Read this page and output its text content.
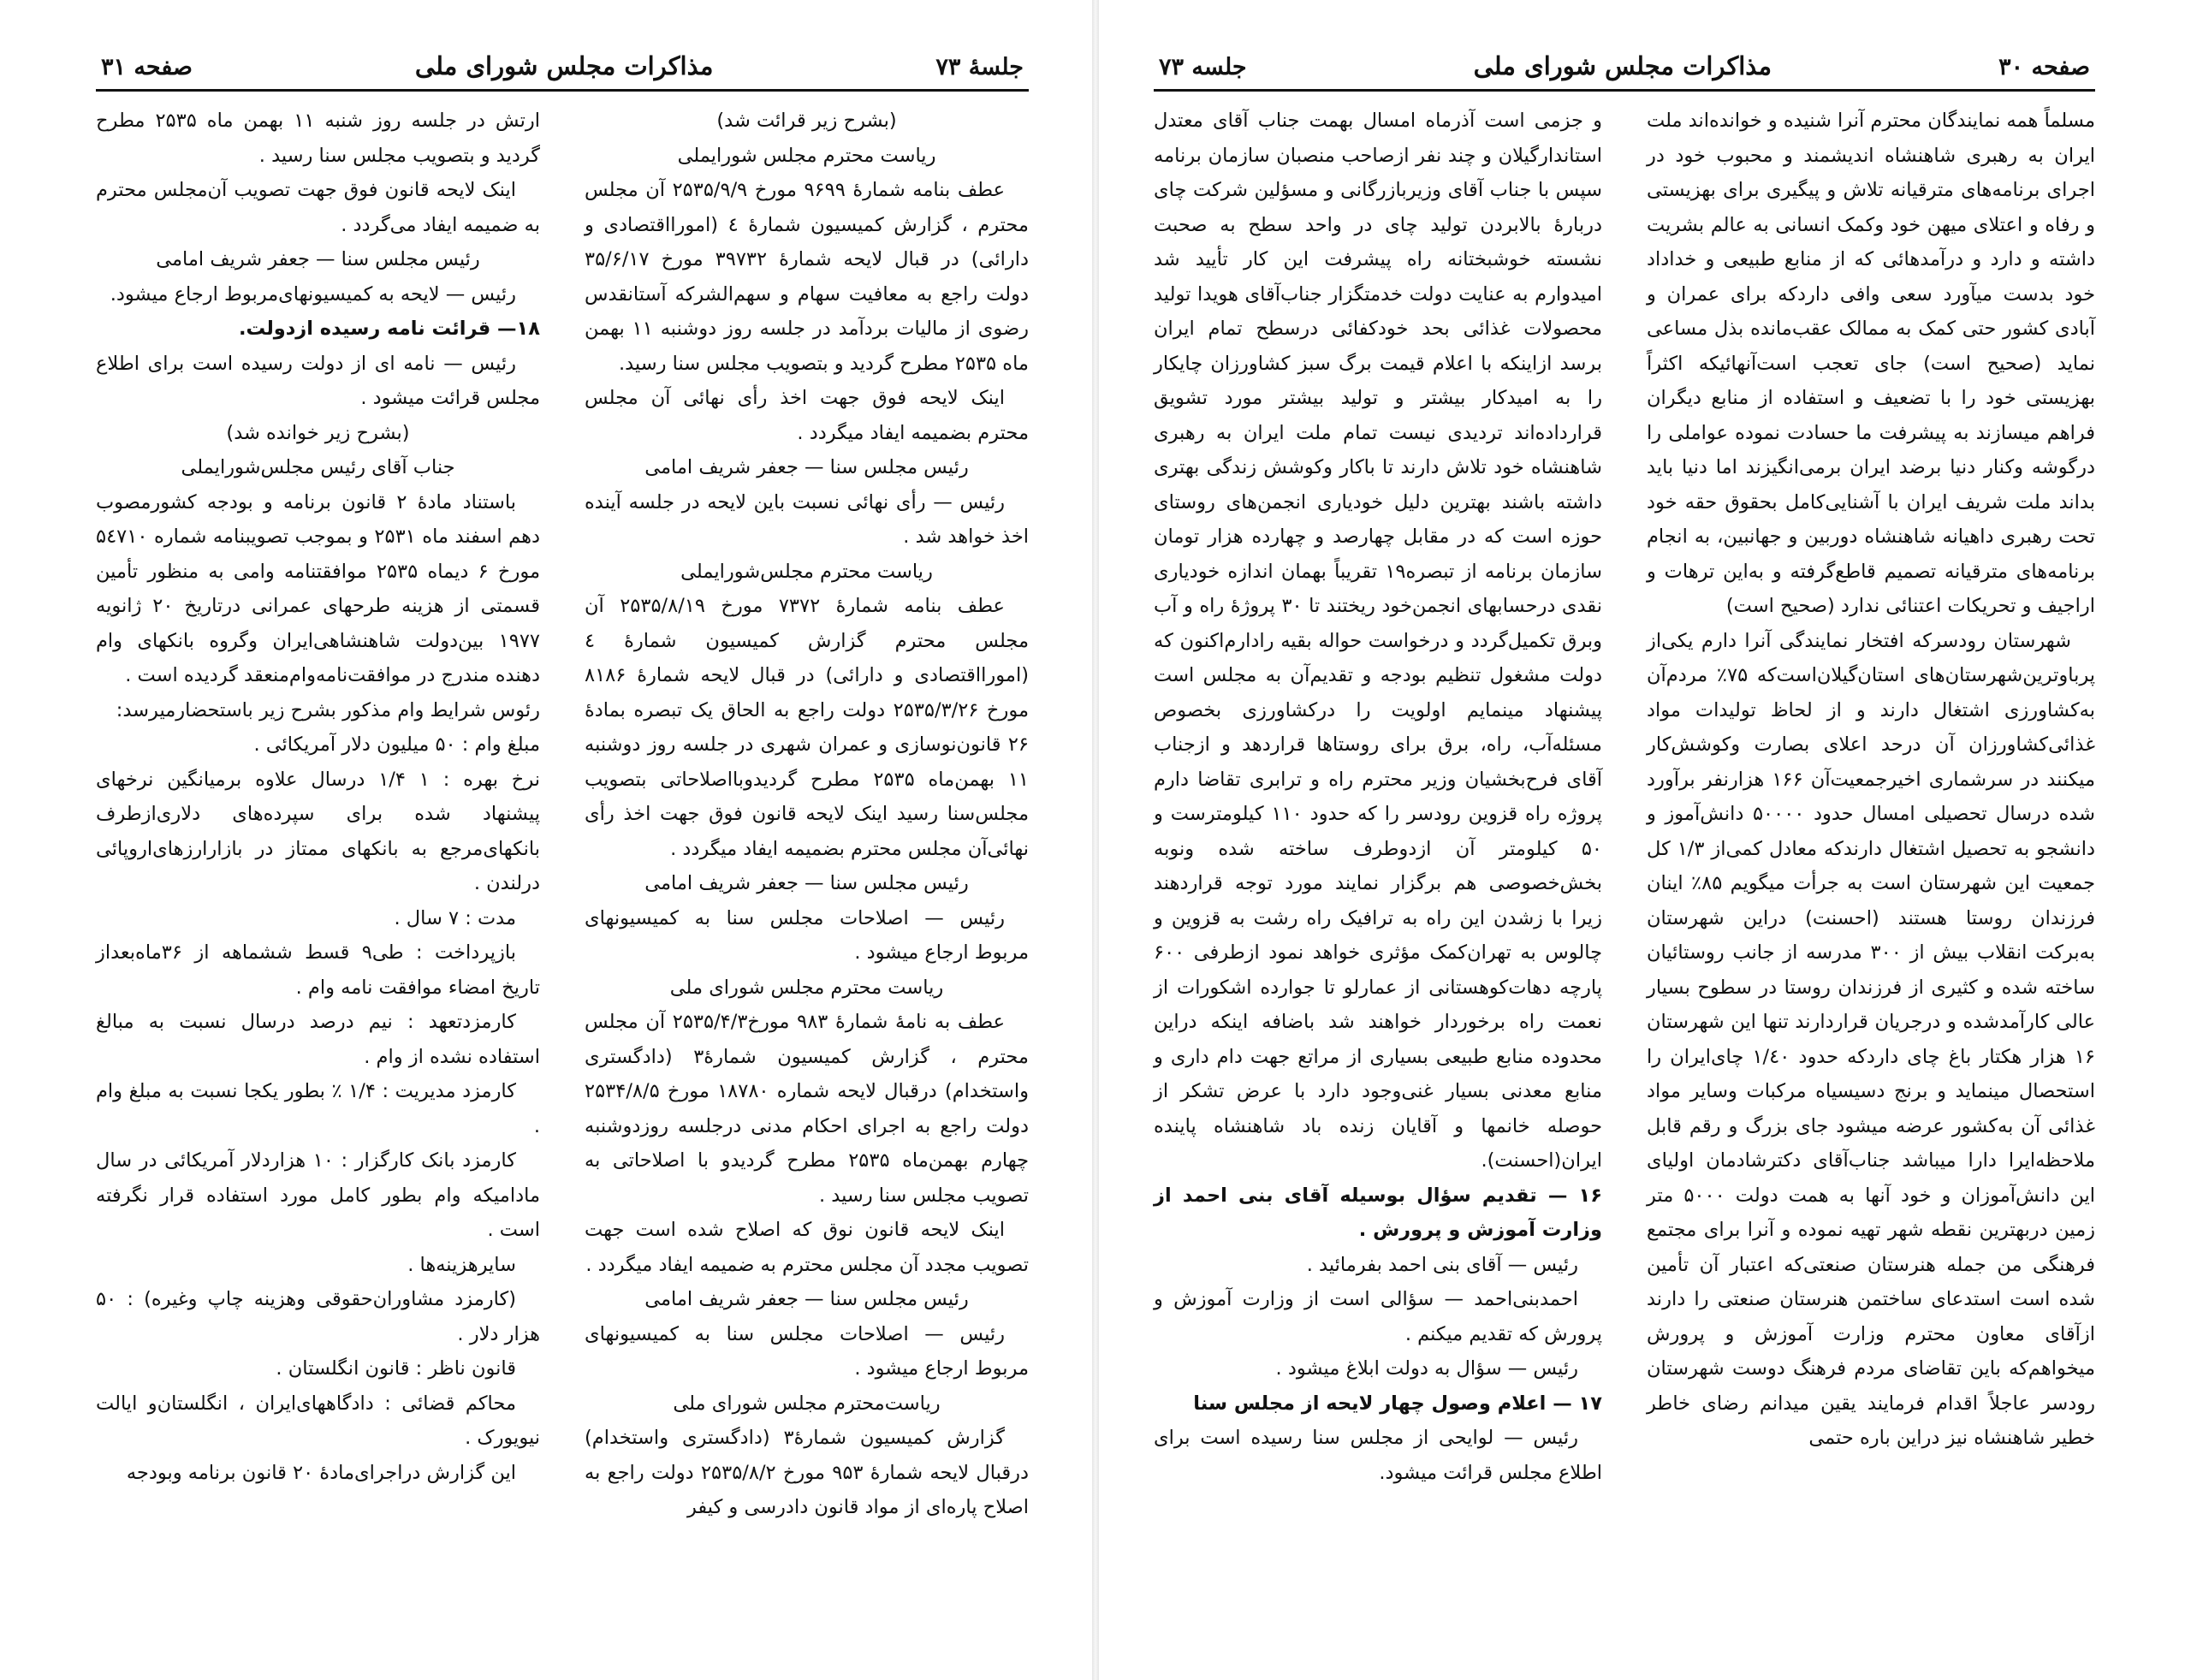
جلسهٔ ۷۳
مذاکرات مجلس شورای ملی
صفحه ۳۱

(بشرح زیر قرائت شد)

ریاست محترم مجلس شورایملی

عطف بنامه شمارهٔ ۹۶۹۹ مورخ ۲۵۳۵/۹/۹ آن مجلس محترم ، گزارش کمیسیون شمارهٔ ٤ (امورااقتصادی و دارائی) در قبال لایحه شمارهٔ ۳۹۷۳۲ مورخ ۳۵/۶/۱۷ دولت راجع به معافیت سهام و سهم‌الشرکه آستانقدس رضوی از مالیات بردآمد در جلسه روز دوشنبه ۱۱ بهمن ماه ۲۵۳۵ مطرح گردید و بتصویب مجلس سنا رسید.

اینک لایحه فوق جهت اخذ رأی نهائی آن مجلس محترم بضمیمه ایفاد میگردد .

رئیس مجلس سنا — جعفر شریف امامی

رئیس — رأی نهائی نسبت باین لایحه در جلسه آینده اخذ خواهد شد .

ریاست محترم مجلس‌شورایملی

عطف بنامه شمارهٔ ۷۳۷۲ مورخ ۲۵۳۵/۸/۱۹ آن مجلس محترم گزارش کمیسیون شمارهٔ ٤ (امورااقتصادی و دارائی) در قبال لایحه شمارهٔ ۸۱۸۶ مورخ ۲۵۳۵/۳/۲۶ دولت راجع به الحاق یک تبصره بمادهٔ ۲۶ قانون‌نوسازی و عمران شهری در جلسه روز دوشنبه ۱۱ بهمن‌ماه ۲۵۳۵ مطرح گردیدوبااصلاحاتی بتصویب مجلس‌سنا رسید اینک لایحه قانون فوق جهت اخذ رأی نهائی‌آن مجلس محترم بضمیمه ایفاد میگردد .

رئیس مجلس سنا — جعفر شریف امامی

رئیس — اصلاحات مجلس سنا به کمیسیونهای مربوط ارجاع میشود .

ریاست محترم مجلس شورای ملی

عطف به نامهٔ شمارهٔ ۹۸۳ مورخ۲۵۳۵/۴/۳ آن مجلس محترم ، گزارش کمیسیون شمارهٔ۳ (دادگستری واستخدام) درقبال لایحه شماره ۱۸۷۸۰ مورخ ۲۵۳۴/۸/۵ دولت راجع به اجرای احکام مدنی درجلسه روزدوشنبه چهارم بهمن‌ماه ۲۵۳۵ مطرح گردیدو با اصلاحاتی به تصویب مجلس سنا رسید .

اینک لایحه قانون نوق که اصلاح شده است جهت تصویب مجدد آن مجلس محترم به ضمیمه ایفاد میگردد .

رئیس مجلس سنا — جعفر شریف امامی

رئیس — اصلاحات مجلس سنا به کمیسیونهای مربوط ارجاع میشود .

ریاست‌محترم مجلس شورای ملی

گزارش کمیسیون شمارهٔ۳ (دادگستری واستخدام) درقبال لایحه شمارهٔ ۹۵۳ مورخ ۲۵۳۵/۸/۲ دولت راجع به اصلاح پاره‌ای از مواد قانون دادرسی و کیفر

ارتش در جلسه روز شنبه ۱۱ بهمن ماه ۲۵۳۵ مطرح گردید و بتصویب مجلس سنا رسید .

اینک لایحه قانون فوق جهت تصویب آن‌مجلس محترم به ضمیمه ایفاد می‌گردد .

رئیس مجلس سنا — جعفر شریف امامی

رئیس — لایحه به کمیسیونهای‌مربوط ارجاع میشود.

۱۸— قرائت نامه رسیده ازدولت.

رئیس — نامه ای از دولت رسیده است برای اطلاع مجلس قرائت میشود .

(بشرح زیر خوانده شد)

جناب آقای رئیس مجلس‌شورایملی

باستناد مادهٔ ۲ قانون برنامه و بودجه کشورمصوب دهم اسفند ماه ۲۵۳۱ و بموجب تصویبنامه شماره ۵٤۷۱۰ مورخ ۶ دیماه ۲۵۳۵ موافقتنامه وامی به منظور تأمین قسمتی از هزینه طرحهای عمرانی درتاریخ ۲۰ ژانویه ۱۹۷۷ بین‌دولت شاهنشاهی‌ایران وگروه بانکهای وام دهنده مندرج در موافقت‌نامه‌وام‌منعقد گردیده است .

رئوس شرایط وام مذکور بشرح زیر باستحضارمیرسد:

مبلغ وام : ۵۰ میلیون دلار آمریکائی .

نرخ بهره : ۱ ۱/۴ درسال علاوه برمیانگین نرخهای پیشنهاد شده برای سپرده‌های دلاری‌ازطرف بانکهای‌مرجع به بانکهای ممتاز در بازارارزهای‌اروپائی درلندن .

مدت : ۷ سال .

بازپرداخت : طی۹ قسط ششماهه از ۳۶ماه‌بعداز تاریخ امضاء موافقت نامه وام .

کارمزدتعهد : نیم درصد درسال نسبت به مبالغ استفاده نشده از وام .

کارمزد مدیریت : ۱/۴ ٪ بطور یکجا نسبت به مبلغ وام .

کارمزد بانک کارگزار : ۱۰ هزاردلار آمریکائی در سال مادامیکه وام بطور کامل مورد استفاده قرار نگرفته است .

سایرهزینه‌ها .

(کارمزد مشاوران‌حقوقی وهزینه چاپ وغیره) : ۵۰ هزار دلار .

قانون ناظر : قانون انگلستان .

محاکم قضائی : دادگاههای‌ایران ، انگلستان‌و ایالت نیویورک .

این گزارش دراجرای‌مادهٔ ۲۰ قانون برنامه وبودجه

صفحه ۳۰
مذاکرات مجلس شورای ملی
جلسه ۷۳

مسلماً همه نمایندگان محترم آنرا شنیده و خوانده‌اند ملت ایران به رهبری شاهنشاه اندیشمند و محبوب خود در اجرای برنامه‌های مترقیانه تلاش و پیگیری برای بهزیستی و رفاه و اعتلای میهن خود وکمک انسانی به عالم بشریت داشته و دارد و درآمدهائی که از منابع طبیعی و خداداد خود بدست میآورد سعی وافی داردکه برای عمران و آبادی کشور حتی کمک به ممالک عقب‌مانده بذل مساعی نماید (صحیح است) جای تعجب است‌آنهائیکه اکثراً بهزیستی خود را با تضعیف و استفاده از منابع دیگران فراهم میسازند به پیشرفت ما حسادت نموده عواملی را درگوشه وکنار دنیا برضد ایران برمی‌انگیزند اما دنیا باید بداند ملت شریف ایران با آشنایی‌کامل بحقوق حقه خود تحت رهبری داهیانه شاهنشاه دوربین و جهانبین، به انجام برنامه‌های مترقیانه تصمیم قاطع‌گرفته و به‌این ترهات و اراجیف و تحریکات اعتنائی ندارد (صحیح است)

شهرستان رودسرکه افتخار نمایندگی آنرا دارم یکی‌از پرباوترین‌شهرستان‌های استان‌گیلان‌است‌که ۷۵٪ مردم‌آن به‌کشاورزی اشتغال دارند و از لحاظ تولیدات مواد غذائی‌کشاورزان آن درحد اعلای بصارت وکوشش‌کار میکنند در سرشماری اخیرجمعیت‌آن ۱۶۶ هزارنفر برآورد شده درسال تحصیلی امسال حدود ۵۰۰۰۰ دانش‌آموز و دانشجو به تحصیل اشتغال دارندکه معادل کمی‌از ۱/۳ کل جمعیت این شهرستان است به جرأت میگویم ۸۵٪ اینان فرزندان روستا هستند (احسنت) دراین شهرستان به‌برکت انقلاب بیش از ۳۰۰ مدرسه از جانب روستائیان ساخته شده و کثیری از فرزندان روستا در سطوح بسیار عالی کارآمدشده و درجریان قراردارند تنها این شهرستان ۱۶ هزار هکتار باغ چای داردکه حدود ۱/٤۰ چای‌ایران را استحصال مینماید و برنج دسیسیاه مرکبات وسایر مواد غذائی آن به‌کشور عرضه میشود جای بزرگ و رقم قابل ملاحظه‌ایرا دارا میباشد جناب‌آقای دکترشادمان اولیای این دانش‌آموزان و خود آنها به همت دولت ۵۰۰۰ متر زمین دربهترین نقطه شهر تهیه نموده و آنرا برای مجتمع فرهنگی من جمله هنرستان صنعتی‌که اعتبار آن تأمین شده است استدعای ساختمن هنرستان صنعتی را دارند ازآقای معاون محترم وزارت آموزش و پرورش میخواهم‌که باین تقاضای مردم فرهنگ دوست شهرستان رودسر عاجلاً اقدام فرمایند یقین میدانم رضای خاطر خطیر شاهنشاه نیز دراین باره حتمی

و جزمی است آذرماه امسال بهمت جناب آقای معتدل استاندارگیلان و چند نفر ازصاحب منصبان سازمان برنامه سپس با جناب آقای وزیربازرگانی و مسؤلین شرکت چای دربارهٔ بالابردن تولید چای در واحد سطح به صحبت نشسته خوشبختانه راه پیشرفت این کار تأیید شد امیدوارم به عنایت دولت خدمتگزار جناب‌آقای هویدا تولید محصولات غذائی بحد خودکفائی درسطح تمام ایران برسد ازاینکه با اعلام قیمت برگ سبز کشاورزان چایکار را به امیدکار بیشتر و تولید بیشتر مورد تشویق قرارداده‌اند تردیدی نیست تمام ملت ایران به رهبری شاهنشاه خود تلاش دارند تا باکار وکوشش زندگی بهتری داشته باشند بهترین دلیل خودیاری انجمن‌های روستای حوزه است که در مقابل چهارصد و چهارده هزار تومان سازمان برنامه از تبصره‌۱۹ تقریباً بهمان اندازه خودیاری نقدی درحسابهای انجمن‌خود ریختند تا ۳۰ پروژهٔ راه و آب وبرق تکمیل‌گردد و درخواست حواله بقیه رادارم‌اکنون که دولت مشغول تنظیم بودجه و تقدیم‌آن به مجلس است پیشنهاد مینمایم اولویت را درکشاورزی بخصوص مسئله‌آب، راه، برق برای روستاها قراردهد و ازجناب آقای فرح‌بخشیان وزیر محترم راه و ترابری تقاضا دارم پروژه راه قزوین رودسر را که حدود ۱۱۰ کیلومترست و ۵۰ کیلومتر آن ازدوطرف ساخته شده ونوبه بخش‌خصوصی هم برگزار نمایند مورد توجه قراردهند زیرا با زشدن این راه به ترافیک راه رشت به قزوین و چالوس به تهران‌کمک مؤثری خواهد نمود ازطرفی ۶۰۰ پارچه دهات‌کوهستانی از عمارلو تا جوارده اشکورات از نعمت راه برخوردار خواهند شد باضافه اینکه دراین محدوده منابع طبیعی بسیاری از مراتع جهت دام داری و منابع معدنی بسیار غنی‌وجود دارد با عرض تشکر از حوصله خانمها و آقایان زنده باد شاهنشاه پاینده ایران(احسنت).

۱۶ — تقدیم سؤال بوسیله آقای بنی احمد از وزارت آموزش و پرورش .

رئیس — آقای بنی احمد بفرمائید .

احمدبنی‌احمد — سؤالی است از وزارت آموزش و پرورش که تقدیم میکنم .

رئیس — سؤال به دولت ابلاغ میشود .

۱۷ — اعلام وصول چهار لایحه از مجلس سنا

رئیس — لوایحی از مجلس سنا رسیده است برای اطلاع مجلس قرائت میشود.
